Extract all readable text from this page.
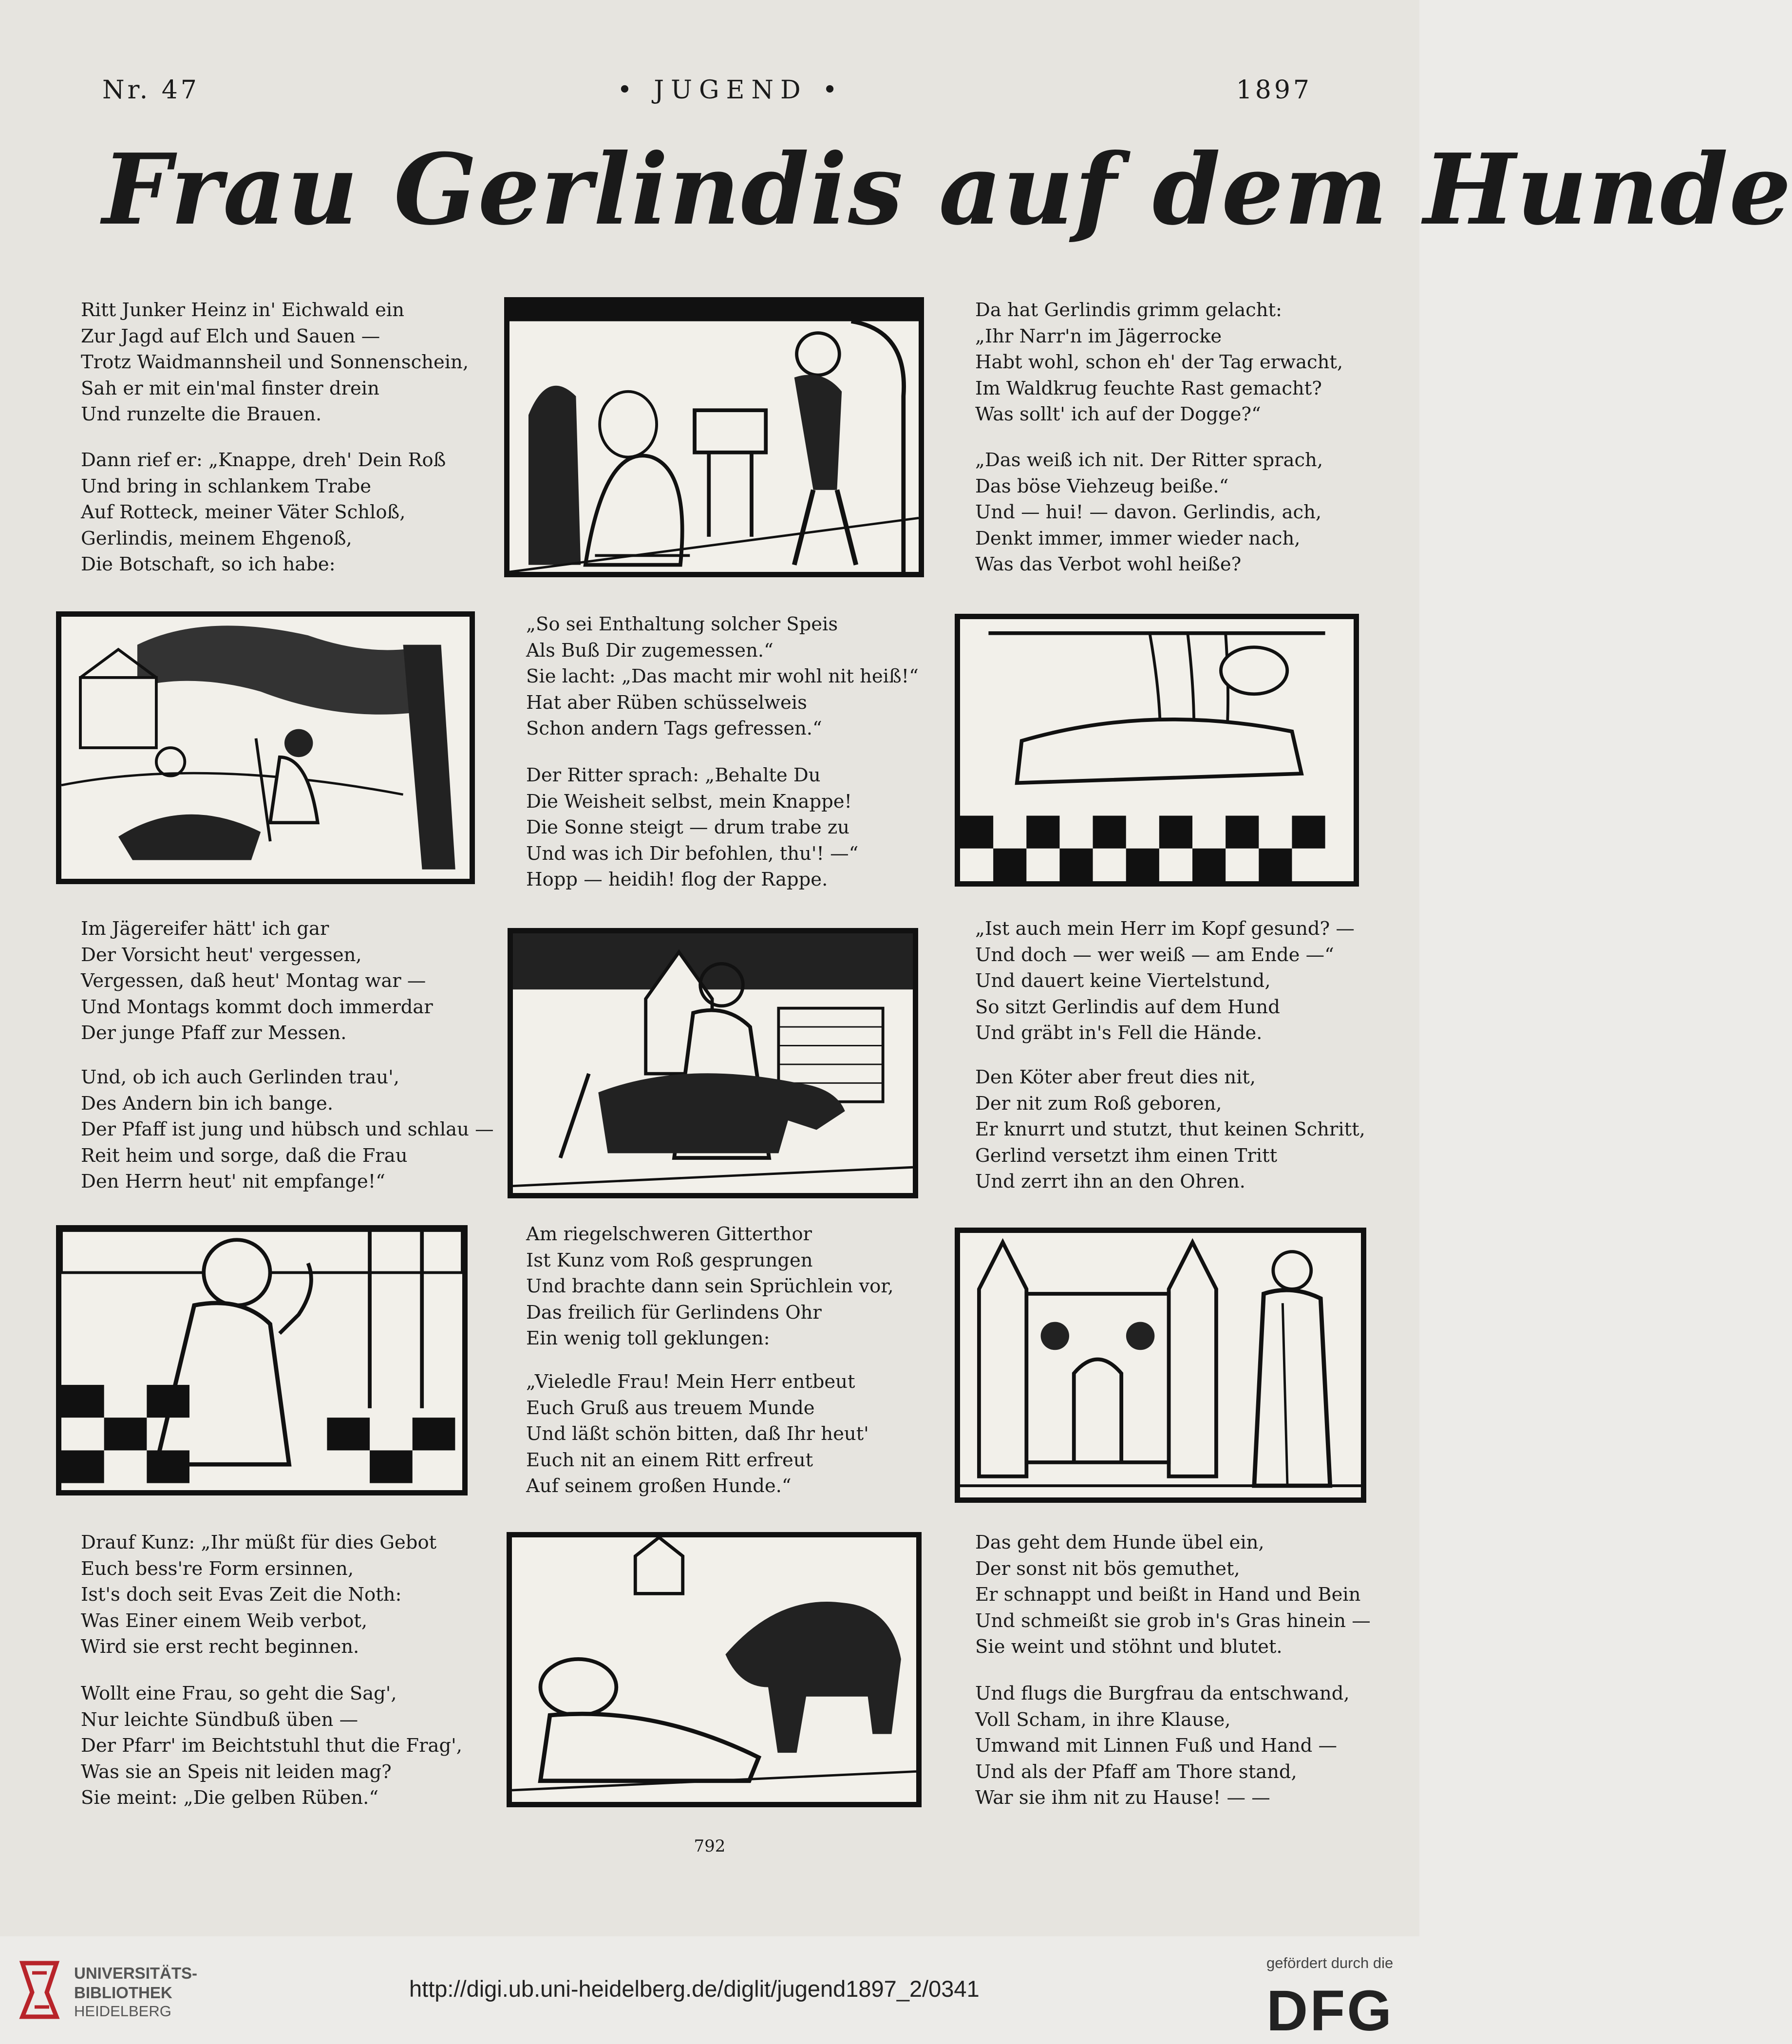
Nr. 47	• JUGEND •	1897
Frau Gerlindis auf dem Hunde
Ritt Junker Heinz in' Eichwald ein
Zur Jagd auf Elch und Sauen —
Trotz Waidmannsheil und Sonnenschein,
Sah er mit ein'mal finster drein
Und runzelte die Brauen.
Dann rief er: „Knappe, dreh' Dein Roß
Und bring in schlankem Trabe
Auf Rotteck, meiner Väter Schloß,
Gerlindis, meinem Ehgenoß,
Die Botschaft, so ich habe:
Da hat Gerlindis grimm gelacht:
„Ihr Narr'n im Jägerrocke
Habt wohl, schon eh' der Tag erwacht,
Im Waldkrug feuchte Rast gemacht?
Was sollt' ich auf der Dogge?“
„Das weiß ich nit. Der Ritter sprach,
Das böse Viehzeug beiße.“
Und — hui! — davon. Gerlindis, ach,
Denkt immer, immer wieder nach,
Was das Verbot wohl heiße?
„So sei Enthaltung solcher Speis
Als Buß Dir zugemessen.“
Sie lacht: „Das macht mir wohl nit heiß!“
Hat aber Rüben schüsselweis
Schon andern Tags gefressen.“
Der Ritter sprach: „Behalte Du
Die Weisheit selbst, mein Knappe!
Die Sonne steigt — drum trabe zu
Und was ich Dir befohlen, thu'! —“
Hopp — heidih! flog der Rappe.
Im Jägereifer hätt' ich gar
Der Vorsicht heut' vergessen,
Vergessen, daß heut' Montag war —
Und Montags kommt doch immerdar
Der junge Pfaff zur Messen.
Und, ob ich auch Gerlinden trau',
Des Andern bin ich bange.
Der Pfaff ist jung und hübsch und schlau —
Reit heim und sorge, daß die Frau
Den Herrn heut' nit empfange!“
„Ist auch mein Herr im Kopf gesund? —
Und doch — wer weiß — am Ende —“
Und dauert keine Viertelstund,
So sitzt Gerlindis auf dem Hund
Und gräbt in's Fell die Hände.
Den Köter aber freut dies nit,
Der nit zum Roß geboren,
Er knurrt und stutzt, thut keinen Schritt,
Gerlind versetzt ihm einen Tritt
Und zerrt ihn an den Ohren.
Am riegelschweren Gitterthor
Ist Kunz vom Roß gesprungen
Und brachte dann sein Sprüchlein vor,
Das freilich für Gerlindens Ohr
Ein wenig toll geklungen:
„Vieledle Frau! Mein Herr entbeut
Euch Gruß aus treuem Munde
Und läßt schön bitten, daß Ihr heut'
Euch nit an einem Ritt erfreut
Auf seinem großen Hunde.“
Drauf Kunz: „Ihr müßt für dies Gebot
Euch bess're Form ersinnen,
Ist's doch seit Evas Zeit die Noth:
Was Einer einem Weib verbot,
Wird sie erst recht beginnen.
Wollt eine Frau, so geht die Sag',
Nur leichte Sündbuß üben —
Der Pfarr' im Beichtstuhl thut die Frag',
Was sie an Speis nit leiden mag?
Sie meint: „Die gelben Rüben.“
Das geht dem Hunde übel ein,
Der sonst nit bös gemuthet,
Er schnappt und beißt in Hand und Bein
Und schmeißt sie grob in's Gras hinein —
Sie weint und stöhnt und blutet.
Und flugs die Burgfrau da entschwand,
Voll Scham, in ihre Klause,
Umwand mit Linnen Fuß und Hand —
Und als der Pfaff am Thore stand,
War sie ihm nit zu Hause! — —
792
UNIVERSITÄTS-
BIBLIOTHEK
HEIDELBERG
http://digi.ub.uni-heidelberg.de/diglit/jugend1897_2/0341
gefördert durch die
DFG
